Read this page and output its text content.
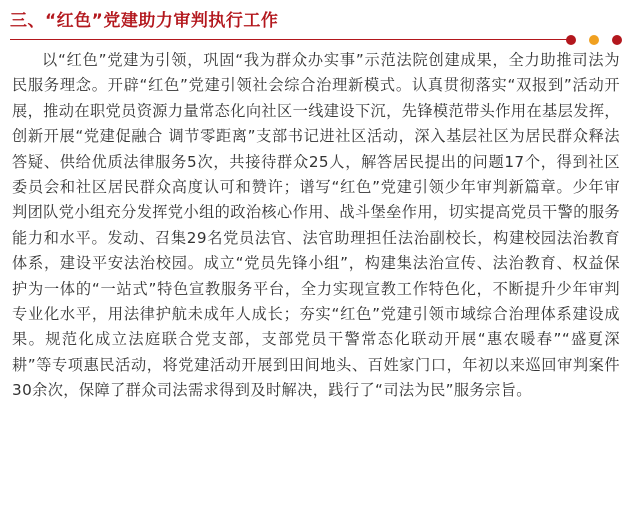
三、“红色”党建助力审判执行工作

以“红色”党建为引领，巩固“我为群众办实事”示范法院创建成果，全力助推司法为民服务理念。开辟“红色”党建引领社会综合治理新模式。认真贯彻落实“双报到”活动开展，推动在职党员资源力量常态化向社区一线建设下沉，先锋模范带头作用在基层发挥，创新开展“党建促融合 调节零距离”支部书记进社区活动，深入基层社区为居民群众释法答疑、供给优质法律服务5次，共接待群众25人，解答居民提出的问题17个，得到社区委员会和社区居民群众高度认可和赞许；谱写“红色”党建引领少年审判新篇章。少年审判团队党小组充分发挥党小组的政治核心作用、战斗堡垒作用，切实提高党员干警的服务能力和水平。发动、召集29名党员法官、法官助理担任法治副校长，构建校园法治教育体系，建设平安法治校园。成立“党员先锋小组”，构建集法治宣传、法治教育、权益保护为一体的“一站式”特色宣教服务平台，全力实现宣教工作特色化，不断提升少年审判专业化水平，用法律护航未成年人成长；夯实“红色”党建引领市域综合治理体系建设成果。规范化成立法庭联合党支部，支部党员干警常态化联动开展“惠农暖春”“盛夏深耕”等专项惠民活动，将党建活动开展到田间地头、百姓家门口，年初以来巡回审判案件30余次，保障了群众司法需求得到及时解决，践行了“司法为民”服务宗旨。
